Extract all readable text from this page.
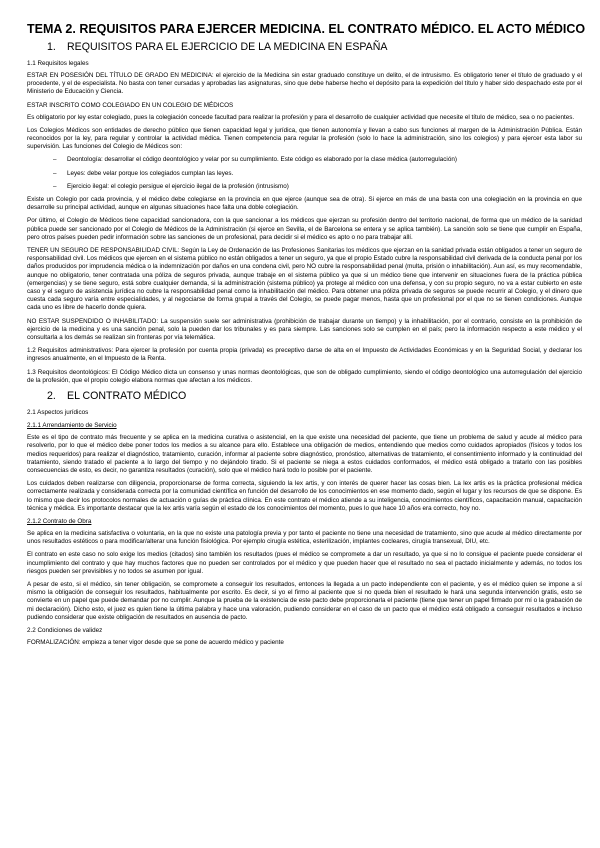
TEMA 2. REQUISITOS PARA EJERCER MEDICINA. EL CONTRATO MÉDICO. EL ACTO MÉDICO
1. REQUISITOS PARA EL EJERCICIO DE LA MEDICINA EN ESPAÑA
1.1 Requisitos legales

ESTAR EN POSESIÓN DEL TÍTULO DE GRADO EN MEDICINA: el ejercicio de la Medicina sin estar graduado constituye un delito, el de intrusismo. Es obligatorio tener el título de graduado y el procedente, y el de especialista. No basta con tener cursadas y aprobadas las asignaturas, sino que debe haberse hecho el depósito para la expedición del título y haber sido despachado este por el Ministerio de Educación y Ciencia.

ESTAR INSCRITO COMO COLEGIADO EN UN COLEGIO DE MÉDICOS

Es obligatorio por ley estar colegiado, pues la colegiación concede facultad para realizar la profesión y para el desarrollo de cualquier actividad que necesite el título de médico, sea o no pacientes.

Los Colegios Médicos son entidades de derecho público que tienen capacidad legal y jurídica, que tienen autonomía y llevan a cabo sus funciones al margen de la Administración Pública. Están reconocidos por la ley, para regular y controlar la actividad médica. Tienen competencia para regular la profesión (solo lo hace la administración, sino los colegios) y para ejercer esta labor su supervisión. Las funciones del Colegio de Médicos son:

– Deontología: desarrollar el código deontológico y velar por su cumplimiento. Este código es elaborado por la clase médica (autorregulación)
– Leyes: debe velar porque los colegiados cumplan las leyes.
– Ejercicio ilegal: el colegio persigue el ejercicio ilegal de la profesión (intrusismo)

Existe un Colegio por cada provincia, y el médico debe colegiarse en la provincia en que ejerce (aunque sea de otra). Si ejerce en más de una basta con una colegiación en la provincia en que desarrolle su principal actividad, aunque en algunas situaciones hace falta una doble colegiación.

Por último, el Colegio de Médicos tiene capacidad sancionadora, con la que sancionar a los médicos que ejerzan su profesión dentro del territorio nacional, de forma que un médico de la sanidad pública puede ser sancionado por el Colegio de Médicos de la Administración (si ejerce en Sevilla, el de Barcelona se entera y se aplica también). La sanción solo se tiene que cumplir en España, pero otros países pueden pedir información sobre las sanciones de un profesional, para decidir si el médico es apto o no para trabajar allí.

TENER UN SEGURO DE RESPONSABILIDAD CIVIL: Según la Ley de Ordenación de las Profesiones Sanitarias los médicos que ejerzan en la sanidad privada están obligados a tener un seguro de responsabilidad civil. Los médicos que ejercen en el sistema público no están obligados a tener un seguro, ya que el propio Estado cubre la responsabilidad civil derivada de la conducta penal por los daños producidos por imprudencia médica o la indemnización por daños en una condena civil, pero NO cubre la responsabilidad penal (multa, prisión o inhabilitación). Aun así, es muy recomendable, aunque no obligatorio, tener contratada una póliza de seguros privada, aunque trabaje en el sistema público ya que si un médico tiene que intervenir en situaciones fuera de la práctica pública (emergencias) y se tiene seguro, está sobre cualquier demanda, si la administración (sistema público) ya protege al médico con una defensa, y con su propio seguro, no va a estar cubierto en este caso y el seguro de asistencia jurídica no cubre la responsabilidad penal como la inhabilitación del médico. Para obtener una póliza privada de seguros se puede recurrir al Colegio, y el dinero que cuesta cada seguro varía entre especialidades, y al negociarse de forma grupal a través del Colegio, se puede pagar menos, hasta que un profesional por el que no se tienen condiciones. Aunque cada uno es libre de hacerlo donde quiera.

NO ESTAR SUSPENDIDO O INHABILITADO: La suspensión suele ser administrativa (prohibición de trabajar durante un tiempo) y la inhabilitación, por el contrario, consiste en la prohibición de ejercicio de la medicina y es una sanción penal, solo la pueden dar los tribunales y es para siempre. Las sanciones solo se cumplen en el país; pero la información respecto a este médico y el consultarla a los demás se realizan sin fronteras por vía telemática.

1.2 Requisitos administrativos: Para ejercer la profesión por cuenta propia (privada) es preceptivo darse de alta en el Impuesto de Actividades Económicas y en la Seguridad Social, y declarar los ingresos anualmente, en el Impuesto de la Renta.

1.3 Requisitos deontológicos: El Código Médico dicta un consenso y unas normas deontológicas, que son de obligado cumplimiento, siendo el código deontológico una autorregulación del ejercicio de la profesión, que el propio colegio elabora normas que afectan a los médicos.

2. EL CONTRATO MÉDICO
2.1 Aspectos jurídicos
2.1.1 Arrendamiento de Servicio

Este es el tipo de contrato más frecuente y se aplica en la medicina curativa o asistencial, en la que existe una necesidad del paciente, que tiene un problema de salud y acude al médico para resolverlo, por lo que el médico debe poner todos los medios a su alcance para ello. Establece una obligación de medios, entendiendo que medios como cuidados apropiados (físicos y todos los medios requeridos) para realizar el diagnóstico, tratamiento, curación, informar al paciente sobre diagnóstico, pronóstico, alternativas de tratamiento, el consentimiento informado y la continuidad del tratamiento, siendo tratado el paciente a lo largo del tiempo y no dejándolo tirado. Si el paciente se niega a estos cuidados conformados, el médico está obligado a tratarlo con las posibles consecuencias de esto, es decir, no garantiza resultados (curación), solo que el médico hará todo lo posible por el paciente.

Los cuidados deben realizarse con diligencia, proporcionarse de forma correcta, siguiendo la lex artis, y con interés de querer hacer las cosas bien. La lex artis es la práctica profesional médica correctamente realizada y considerada correcta por la comunidad científica en función del desarrollo de los conocimientos en ese momento dado, según el lugar y los recursos de que se dispone. Es lo mismo que decir los protocolos normales de actuación o guías de práctica clínica. En este contrato el médico atiende a su inteligencia, conocimientos científicos, capacitación manual, capacitación técnica y médica. Es importante destacar que la lex artis varía según el estado de los conocimientos del momento, pues lo que hace 10 años era correcto, hoy no.

2.1.2 Contrato de Obra

Se aplica en la medicina satisfactiva o voluntaria, en la que no existe una patología previa y por tanto el paciente no tiene una necesidad de tratamiento, sino que acude al médico directamente por unos resultados estéticos o para modificar/alterar una función fisiológica. Por ejemplo cirugía estética, esterilización, implantes cocleares, cirugía transexual, DIU, etc.

El contrato en este caso no solo exige los medios (citados) sino también los resultados (pues el médico se compromete a dar un resultado, ya que si no lo consigue el paciente puede considerar el incumplimiento del contrato y que hay muchos factores que no pueden ser controlados por el médico y que pueden hacer que el resultado no sea el pactado inicialmente y además, no todos los riesgos pueden ser previsibles y no todos se asumen por igual.

A pesar de esto, si el médico, sin tener obligación, se compromete a conseguir los resultados, entonces la llegada a un pacto independiente con el paciente, y es el médico quien se impone a sí mismo la obligación de conseguir los resultados, habitualmente por escrito. Es decir, si yo el firmo al paciente que si no queda bien el resultado le hará una segunda intervención gratis, esto se convierte en un papel que puede demandar por no cumplir. Aunque la prueba de la existencia de este pacto debe proporcionarla el paciente (tiene que tener un papel firmado por mí o la grabación de mi declaración). Dicho esto, el juez es quien tiene la última palabra y hace una valoración, pudiendo considerar en el caso de un pacto que el médico está obligado a conseguir resultados e incluso pudiendo considerar que existe obligación de resultados en ausencia de pacto.

2.2 Condiciones de validez

FORMALIZACIÓN: empieza a tener vigor desde que se pone de acuerdo médico y paciente
